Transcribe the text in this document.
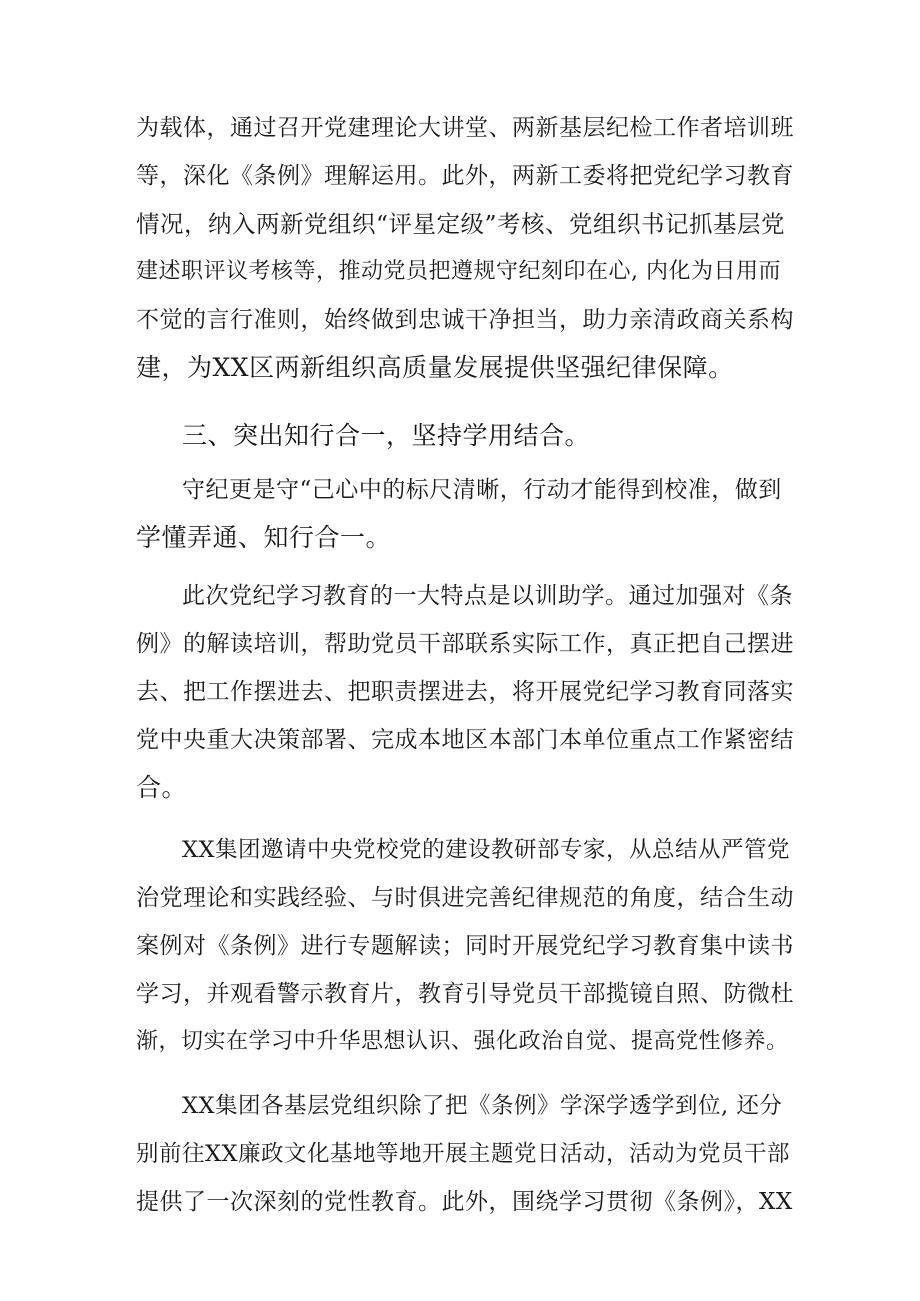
为载体，通过召开党建理论大讲堂、两新基层纪检工作者培训班
等，深化《条例》理解运用。此外，两新工委将把党纪学习教育
情况，纳入两新党组织“评星定级”考核、党组织书记抓基层党
建述职评议考核等，推动党员把遵规守纪刻印在心, 内化为日用而
不觉的言行准则，始终做到忠诚干净担当，助力亲清政商关系构
建，为XX区两新组织高质量发展提供坚强纪律保障。
三、突出知行合一，坚持学用结合。
守纪更是守“己心中的标尺清晰，行动才能得到校准，做到
学懂弄通、知行合一。
此次党纪学习教育的一大特点是以训助学。通过加强对《条
例》的解读培训，帮助党员干部联系实际工作，真正把自己摆进
去、把工作摆进去、把职责摆进去，将开展党纪学习教育同落实
党中央重大决策部署、完成本地区本部门本单位重点工作紧密结
合。
XX集团邀请中央党校党的建设教研部专家，从总结从严管党
治党理论和实践经验、与时俱进完善纪律规范的角度，结合生动
案例对《条例》进行专题解读；同时开展党纪学习教育集中读书
学习，并观看警示教育片，教育引导党员干部揽镜自照、防微杜
渐，切实在学习中升华思想认识、强化政治自觉、提高党性修养。
XX集团各基层党组织除了把《条例》学深学透学到位, 还分
别前往XX廉政文化基地等地开展主题党日活动，活动为党员干部
提供了一次深刻的党性教育。此外，围绕学习贯彻《条例》，XX
